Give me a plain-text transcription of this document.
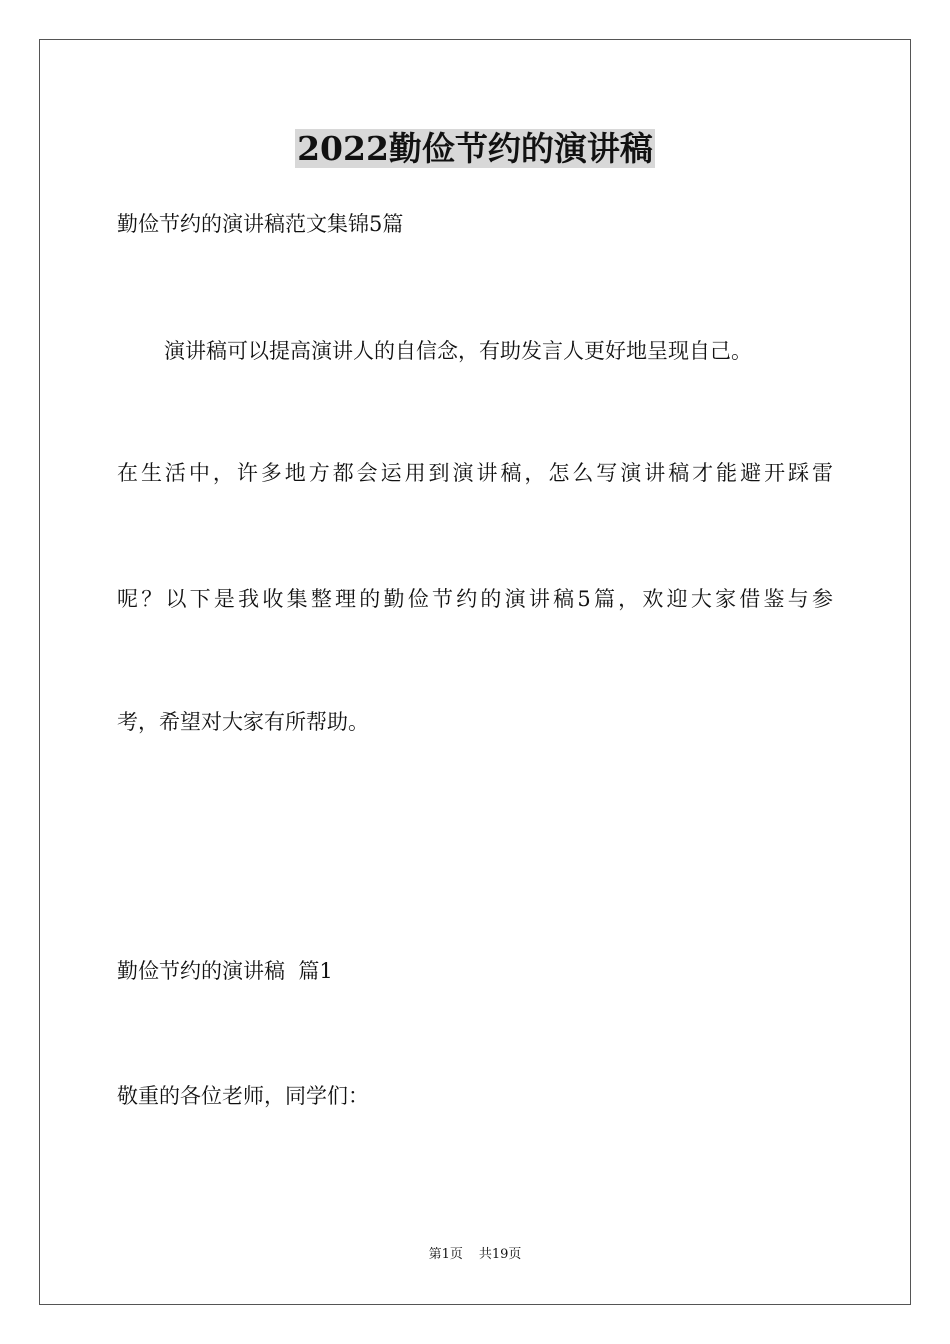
2022勤俭节约的演讲稿

勤俭节约的演讲稿范文集锦5篇

演讲稿可以提高演讲人的自信念，有助发言人更好地呈现自己。

在生活中，许多地方都会运用到演讲稿，怎么写演讲稿才能避开踩雷

呢？以下是我收集整理的勤俭节约的演讲稿5篇，欢迎大家借鉴与参

考，希望对大家有所帮助。

勤俭节约的演讲稿  篇1

敬重的各位老师，同学们：

第1页 共19页
